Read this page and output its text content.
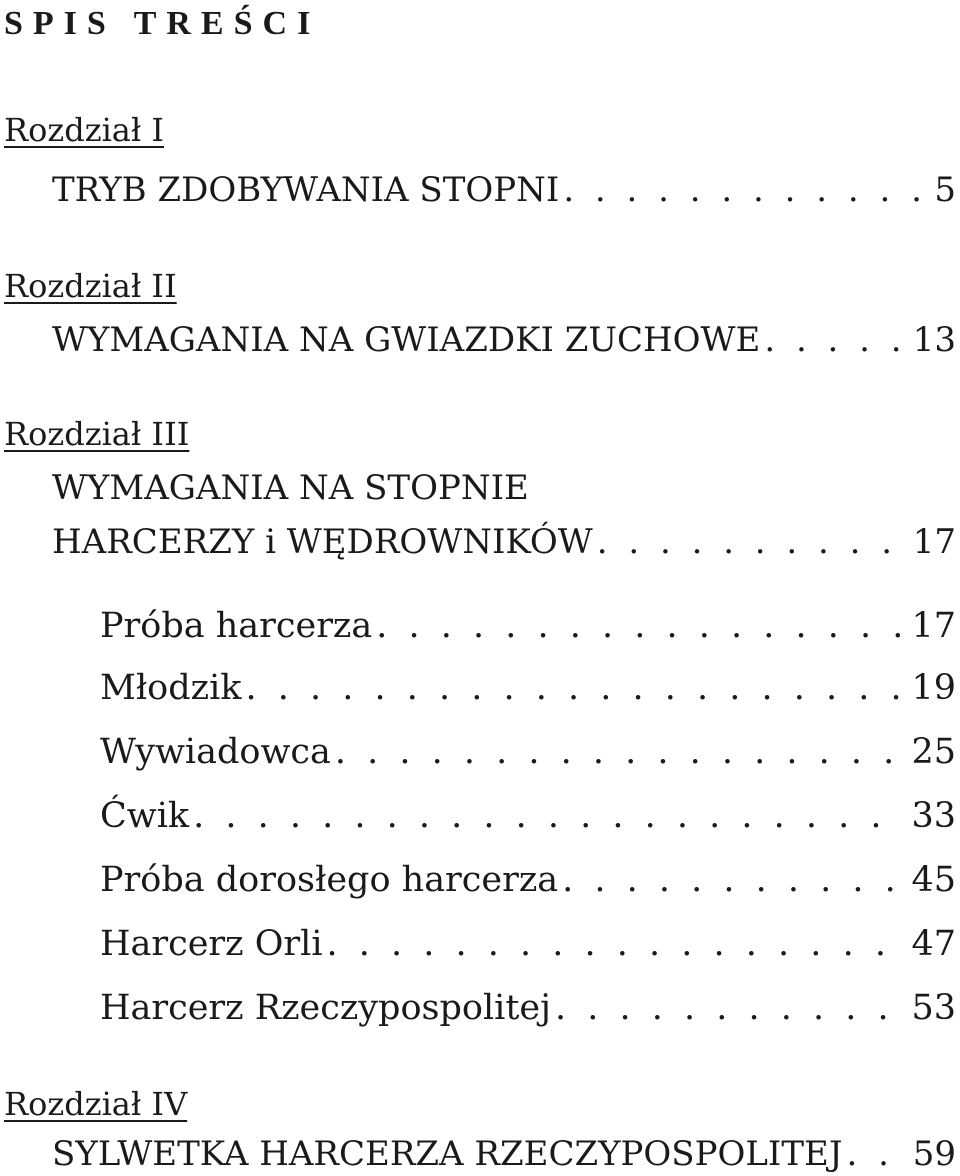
SPIS TREŚCI
Rozdział I
TRYB ZDOBYWANIA STOPNI . . .	5
Rozdział II
WYMAGANIA NA GWIAZDKI ZUCHOWE . . .	13
Rozdział III
WYMAGANIA NA STOPNIE
HARCERZY i WĘDROWNIKÓW . . .	17
Próba harcerza . . .	17
Młodzik . . .	19
Wywiadowca . . .	25
Ćwik . . .	33
Próba dorosłego harcerza . . .	45
Harcerz Orli . . .	47
Harcerz Rzeczypospolitej . . .	53
Rozdział IV
SYLWETKA HARCERZA RZECZYPOSPOLITEJ . . . 59
